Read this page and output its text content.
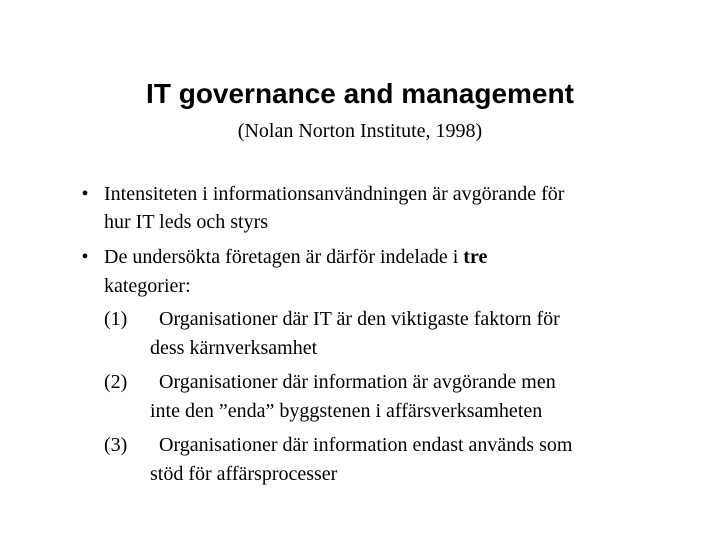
IT governance and management
(Nolan Norton Institute, 1998)
• Intensiteten i informationsanvändningen är avgörande för
hur IT leds och styrs
• De undersökta företagen är därför indelade i tre
kategorier:
(1) Organisationer där IT är den viktigaste faktorn för
dess kärnverksamhet
(2) Organisationer där information är avgörande men
inte den ”enda” byggstenen i affärsverksamheten
(3) Organisationer där information endast används som
stöd för affärsprocesser
